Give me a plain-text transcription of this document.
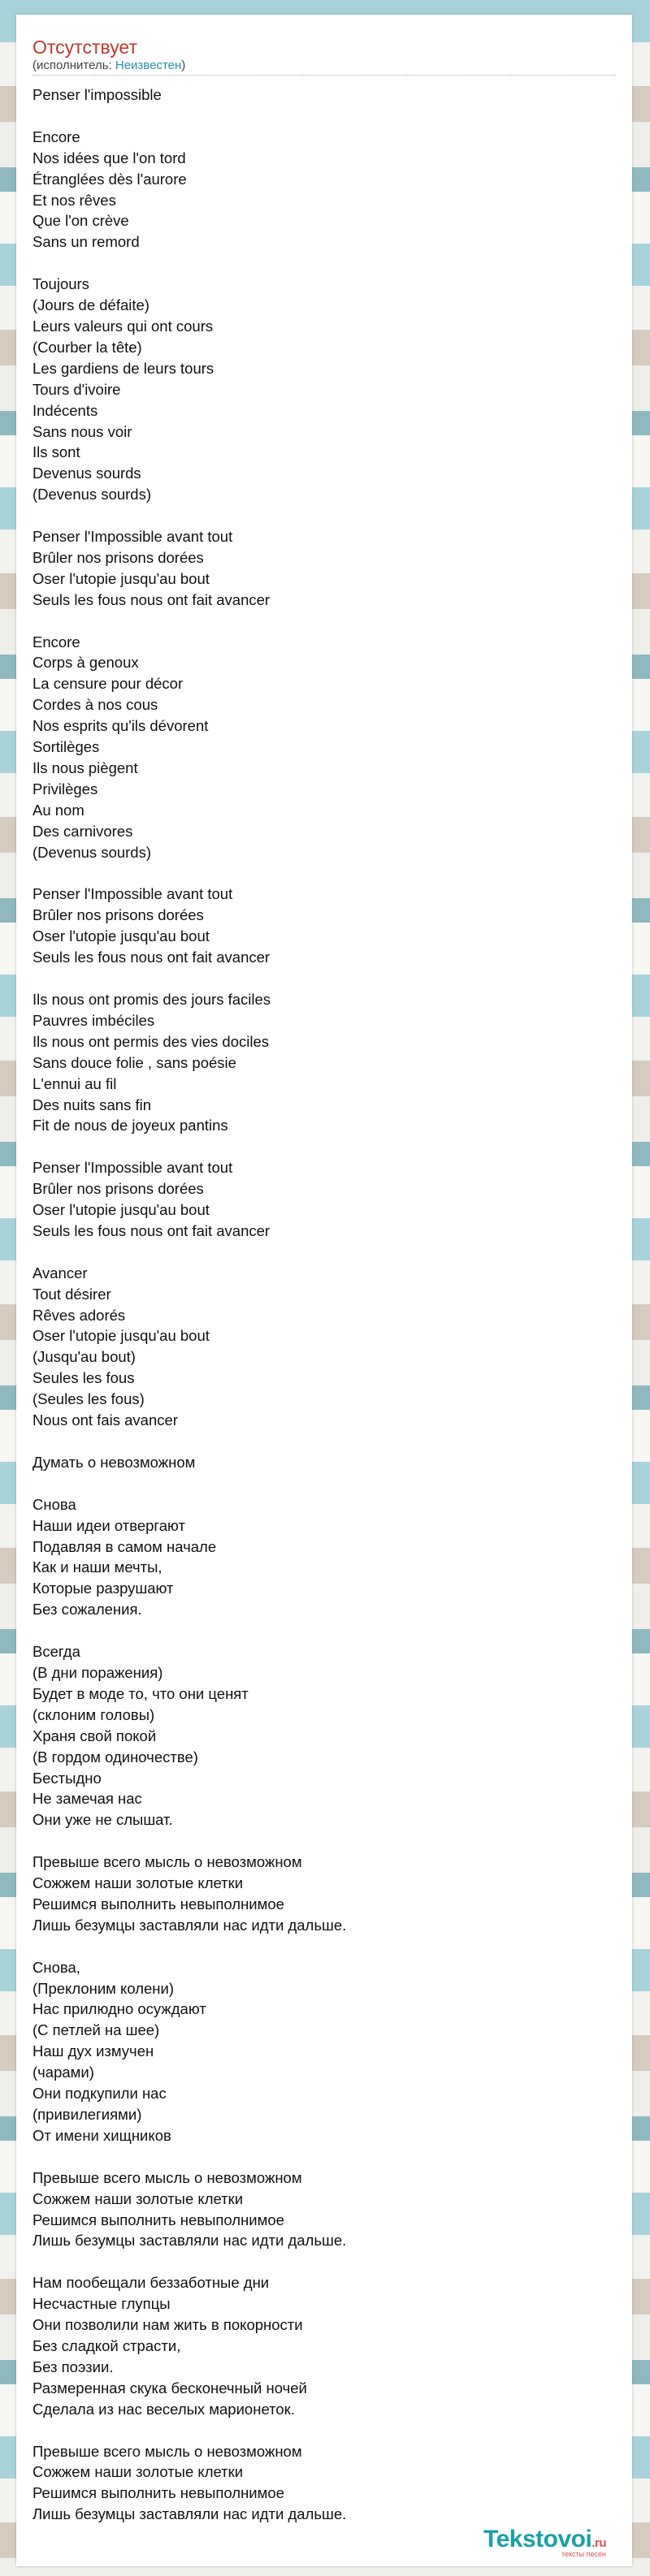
Отсутствует
(исполнитель: Неизвестен)
Penser l'impossible

Encore
Nos idées que l'on tord
Étranglées dès l'aurore
Et nos rêves
Que l'on crève
Sans un remord

Toujours
(Jours de défaite)
Leurs valeurs qui ont cours
(Courber la tête)
Les gardiens de leurs tours
Tours d'ivoire
Indécents
Sans nous voir
Ils sont
Devenus sourds
(Devenus sourds)

Penser l'Impossible avant tout
Brûler nos prisons dorées
Oser l'utopie jusqu'au bout
Seuls les fous nous ont fait avancer

Encore
Corps à genoux
La censure pour décor
Cordes à nos cous
Nos esprits qu'ils dévorent
Sortilèges
Ils nous piègent
Privilèges
Au nom
Des carnivores
(Devenus sourds)

Penser l'Impossible avant tout
Brûler nos prisons dorées
Oser l'utopie jusqu'au bout
Seuls les fous nous ont fait avancer

Ils nous ont promis des jours faciles
Pauvres imbéciles
Ils nous ont permis des vies dociles
Sans douce folie , sans poésie
L'ennui au fil
Des nuits sans fin
Fit de nous de joyeux pantins

Penser l'Impossible avant tout
Brûler nos prisons dorées
Oser l'utopie jusqu'au bout
Seuls les fous nous ont fait avancer

Avancer
Tout désirer
Rêves adorés
Oser l'utopie jusqu'au bout
(Jusqu'au bout)
Seules les fous
(Seules les fous)
Nous ont fais avancer

Думать о невозможном

Снова
Наши идеи отвергают
Подавляя в самом начале
Как и наши мечты,
Которые разрушают
Без сожаления.

Всегда
(В дни поражения)
Будет в моде то, что они ценят
(склоним головы)
Храня свой покой
(В гордом одиночестве)
Бестыдно
Не замечая нас
Они уже не слышат.

Превыше всего мысль о невозможном
Сожжем наши золотые клетки
Решимся выполнить невыполнимое
Лишь безумцы заставляли нас идти дальше.

Снова,
(Преклоним колени)
Нас прилюдно осуждают
(С петлей на шее)
Наш дух измучен
(чарами)
Они подкупили нас
(привилегиями)
От имени хищников

Превыше всего мысль о невозможном
Сожжем наши золотые клетки
Решимся выполнить невыполнимое
Лишь безумцы заставляли нас идти дальше.

Нам пообещали беззаботные дни
Несчастные глупцы
Они позволили нам жить в покорности
Без сладкой страсти,
Без поэзии.
Размеренная скука бесконечный ночей
Сделала из нас веселых марионеток.

Превыше всего мысль о невозможном
Сожжем наши золотые клетки
Решимся выполнить невыполнимое
Лишь безумцы заставляли нас идти дальше.
Tekstovoi.ru
тексты песен
